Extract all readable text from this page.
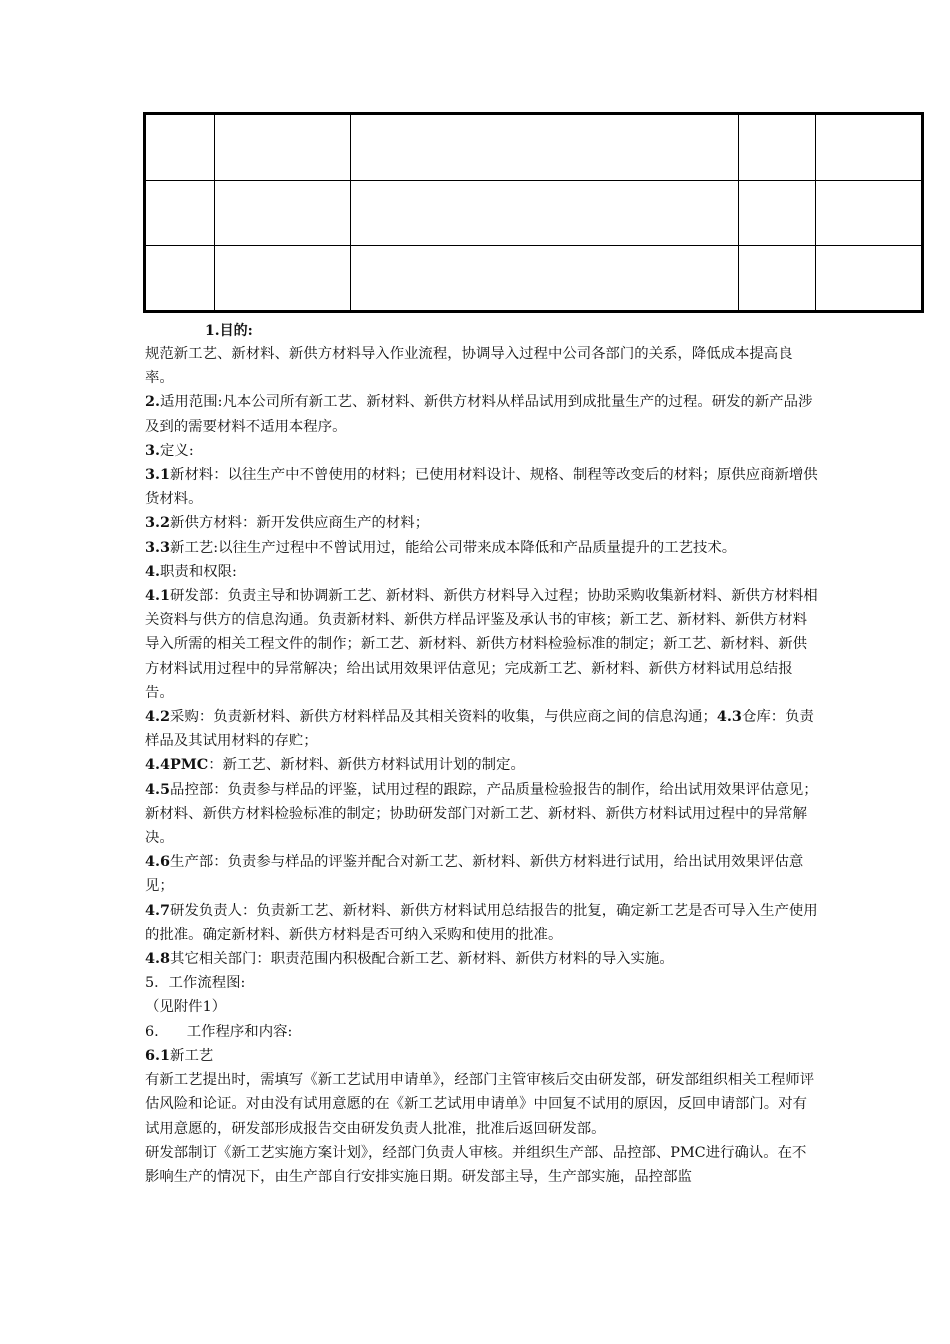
1.目的:

规范新工艺、新材料、新供方材料导入作业流程，协调导入过程中公司各部门的关系，降低成本提高良率。

2.适用范围:凡本公司所有新工艺、新材料、新供方材料从样品试用到成批量生产的过程。研发的新产品涉及到的需要材料不适用本程序。

3.定义:

3.1新材料：以往生产中不曾使用的材料；已使用材料设计、规格、制程等改变后的材料；原供应商新增供货材料。

3.2新供方材料：新开发供应商生产的材料；

3.3新工艺:以往生产过程中不曾试用过，能给公司带来成本降低和产品质量提升的工艺技术。

4.职责和权限:

4.1研发部：负责主导和协调新工艺、新材料、新供方材料导入过程；协助采购收集新材料、新供方材料相关资料与供方的信息沟通。负责新材料、新供方样品评鉴及承认书的审核；新工艺、新材料、新供方材料导入所需的相关工程文件的制作；新工艺、新材料、新供方材料检验标准的制定；新工艺、新材料、新供方材料试用过程中的异常解决；给出试用效果评估意见；完成新工艺、新材料、新供方材料试用总结报告。

4.2采购：负责新材料、新供方材料样品及其相关资料的收集，与供应商之间的信息沟通；4.3仓库：负责样品及其试用材料的存贮；

4.4PMC：新工艺、新材料、新供方材料试用计划的制定。

4.5品控部：负责参与样品的评鉴，试用过程的跟踪，产品质量检验报告的制作，给出试用效果评估意见；新材料、新供方材料检验标准的制定；协助研发部门对新工艺、新材料、新供方材料试用过程中的异常解决。

4.6生产部：负责参与样品的评鉴并配合对新工艺、新材料、新供方材料进行试用，给出试用效果评估意见；

4.7研发负责人：负责新工艺、新材料、新供方材料试用总结报告的批复，确定新工艺是否可导入生产使用的批准。确定新材料、新供方材料是否可纳入采购和使用的批准。

4.8其它相关部门：职责范围内积极配合新工艺、新材料、新供方材料的导入实施。

5．工作流程图:

（见附件1）

6. 工作程序和内容:

6.1新工艺

有新工艺提出时，需填写《新工艺试用申请单》，经部门主管审核后交由研发部，研发部组织相关工程师评估风险和论证。对由没有试用意愿的在《新工艺试用申请单》中回复不试用的原因，反回申请部门。对有试用意愿的，研发部形成报告交由研发负责人批准，批准后返回研发部。

研发部制订《新工艺实施方案计划》，经部门负责人审核。并组织生产部、品控部、PMC进行确认。在不影响生产的情况下，由生产部自行安排实施日期。研发部主导，生产部实施，品控部监
